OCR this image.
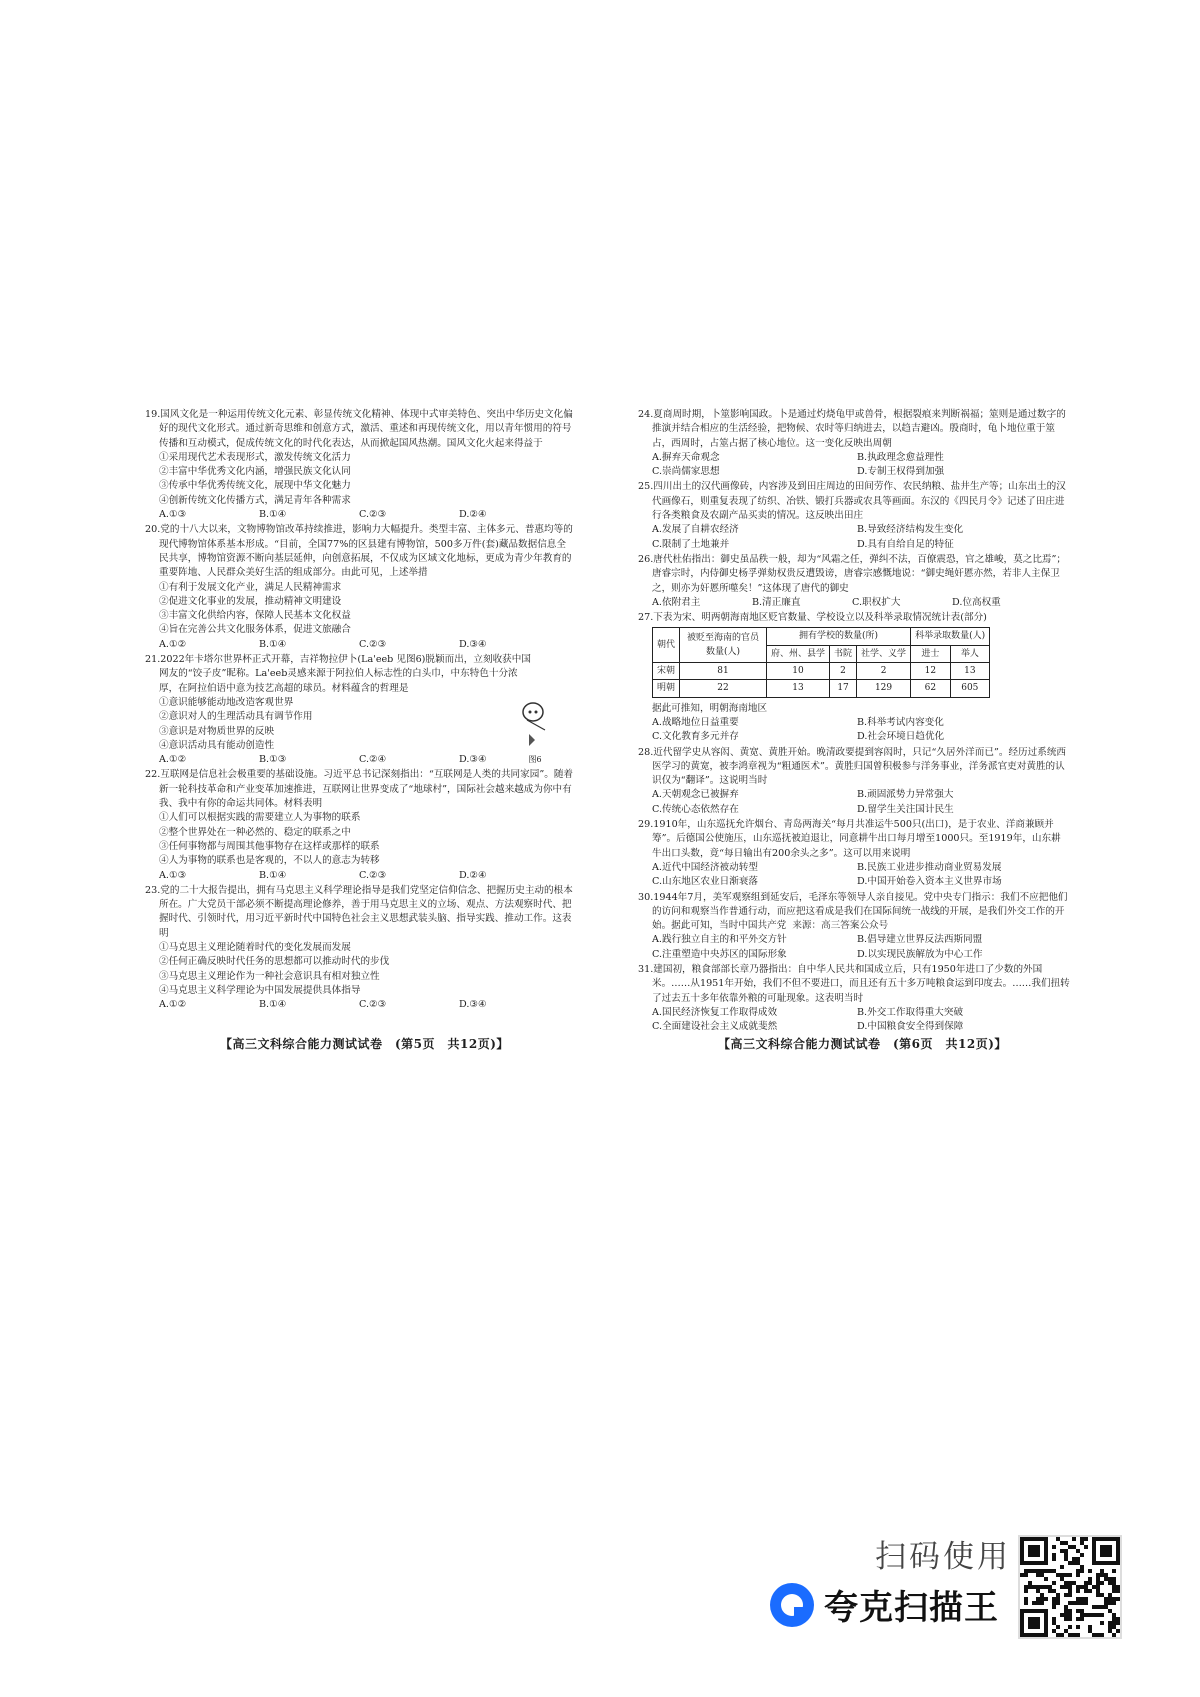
19.国风文化是一种运用传统文化元素、彰显传统文化精神、体现中式审美特色、突出中华历史文化偏好的现代文化形式。通过新奇思维和创意方式，激活、重述和再现传统文化，用以青年惯用的符号传播和互动模式，促成传统文化的时代化表达，从而掀起国风热潮。国风文化火起来得益于

①采用现代艺术表现形式，激发传统文化活力

②丰富中华优秀文化内涵，增强民族文化认同

③传承中华优秀传统文化，展现中华文化魅力

④创新传统文化传播方式，满足青年各种需求

A.①③	B.①④	C.②③	D.②④

20.党的十八大以来，文物博物馆改革持续推进，影响力大幅提升。类型丰富、主体多元、普惠均等的现代博物馆体系基本形成。“目前，全国77%的区县建有博物馆，500多万件(套)藏品数据信息全民共享，博物馆资源不断向基层延伸，向创意拓展，不仅成为区域文化地标，更成为青少年教育的重要阵地、人民群众美好生活的组成部分。由此可见，上述举措

①有利于发展文化产业，满足人民精神需求

②促进文化事业的发展，推动精神文明建设

③丰富文化供给内容，保障人民基本文化权益

④旨在完善公共文化服务体系，促进文旅融合

A.①②	B.①④	C.②③	D.③④

21.2022年卡塔尔世界杯正式开幕，吉祥物拉伊卜(La'eeb 见图6)脱颖而出，立刻收获中国网友的“饺子皮”昵称。La'eeb灵感来源于阿拉伯人标志性的白头巾，中东特色十分浓厚，在阿拉伯语中意为技艺高超的球员。材料蕴含的哲理是

①意识能够能动地改造客观世界

②意识对人的生理活动具有调节作用

③意识是对物质世界的反映

④意识活动具有能动创造性

A.①②	B.①③	C.②④	D.③④

22.互联网是信息社会极重要的基础设施。习近平总书记深刻指出：“互联网是人类的共同家园”。随着新一轮科技革命和产业变革加速推进，互联网让世界变成了“地球村”，国际社会越来越成为你中有我、我中有你的命运共同体。材料表明

①人们可以根据实践的需要建立人为事物的联系

②整个世界处在一种必然的、稳定的联系之中

③任何事物都与周围其他事物存在这样或那样的联系

④人为事物的联系也是客观的，不以人的意志为转移

A.①③	B.①④	C.②③	D.②④

23.党的二十大报告提出，拥有马克思主义科学理论指导是我们党坚定信仰信念、把握历史主动的根本所在。广大党员干部必须不断提高理论修养，善于用马克思主义的立场、观点、方法观察时代、把握时代、引领时代，用习近平新时代中国特色社会主义思想武装头脑、指导实践、推动工作。这表明

①马克思主义理论随着时代的变化发展而发展

②任何正确反映时代任务的思想都可以推动时代的步伐

③马克思主义理论作为一种社会意识具有相对独立性

④马克思主义科学理论为中国发展提供具体指导

A.①②	B.①④	C.②③	D.③④
图6
【高三文科综合能力测试试卷　(第5页　共12页)】

24.夏商周时期，卜筮影响国政。卜是通过灼烧龟甲或兽骨，根据裂痕来判断祸福；筮则是通过数字的推演并结合相应的生活经验，把物候、农时等归纳进去，以趋吉避凶。殷商时，龟卜地位重于筮占，西周时，占筮占据了核心地位。这一变化反映出周朝

A.摒弃天命观念	B.执政理念愈益理性
C.崇尚儒家思想	D.专制王权得到加强

25.四川出土的汉代画像砖，内容涉及到田庄周边的田间劳作、农民纳粮、盐井生产等；山东出土的汉代画像石，则重复表现了纺织、冶铁、锻打兵器或农具等画面。东汉的《四民月令》记述了田庄进行各类粮食及农副产品买卖的情况。这反映出田庄

A.发展了自耕农经济	B.导致经济结构发生变化
C.限制了土地兼并	D.具有自给自足的特征

26.唐代杜佑指出：御史虽品秩一般，却为“风霜之任，弹纠不法，百僚震恐，官之雄峻，莫之比焉”；唐睿宗时，内侍御史杨孚弹劾权贵反遭毁谤，唐睿宗感慨地说：“御史绳奸慝亦然，若非人主保卫之，则亦为奸慝所噬矣！”这体现了唐代的御史

A.依附君主	B.清正廉直	C.职权扩大	D.位高权重

27.下表为宋、明两朝海南地区贬官数量、学校设立以及科举录取情况统计表(部分)

朝代	被贬至海南的官员数量(人)	拥有学校的数量(所)			科举录取数量(人)	
		府、州、县学	书院	社学、义学	进士	举人
宋朝	81	10	2	2	12	13
明朝	22	13	17	129	62	605

据此可推知，明朝海南地区

A.战略地位日益重要	B.科举考试内容变化
C.文化教育多元并存	D.社会环境日趋优化

28.近代留学史从容闳、黄宽、黄胜开始。晚清政要提到容闳时，只记“久居外洋而已”。经历过系统西医学习的黄宽，被李鸿章视为“粗通医术”。黄胜归国曾积极参与洋务事业，洋务派官吏对黄胜的认识仅为“翻译”。这说明当时

A.天朝观念已被摒弃	B.顽固派势力异常强大
C.传统心态依然存在	D.留学生关注国计民生

29.1910年，山东巡抚允许烟台、青岛两海关“每月共准运牛500只(出口)，是于农业、洋商兼顾并筹”。后德国公使施压，山东巡抚被迫退让，同意耕牛出口每月增至1000只。至1919年，山东耕牛出口头数，竟“每日输出有200余头之多”。这可以用来说明

A.近代中国经济被动转型	B.民族工业进步推动商业贸易发展
C.山东地区农业日渐衰落	D.中国开始卷入资本主义世界市场

30.1944年7月，美军观察组到延安后，毛泽东等领导人亲自接见。党中央专门指示：我们不应把他们的访问和观察当作普通行动，而应把这看成是我们在国际间统一战线的开展，是我们外交工作的开始。据此可知，当时中国共产党 来源：高三答案公众号

A.践行独立自主的和平外交方针	B.倡导建立世界反法西斯同盟
C.注重塑造中央苏区的国际形象	D.以实现民族解放为中心工作

31.建国初，粮食部部长章乃器指出：自中华人民共和国成立后，只有1950年进口了少数的外国米。……从1951年开始，我们不但不要进口，而且还有五十多万吨粮食运到印度去。……我们扭转了过去五十多年依靠外粮的可耻现象。这表明当时

A.国民经济恢复工作取得成效	B.外交工作取得重大突破
C.全面建设社会主义成就斐然	D.中国粮食安全得到保障
【高三文科综合能力测试试卷　(第6页　共12页)】
扫码使用
夸克扫描王
